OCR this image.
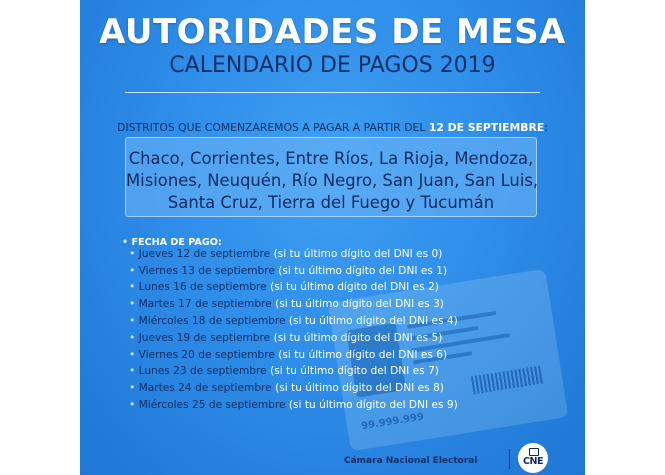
AUTORIDADES DE MESA
CALENDARIO DE PAGOS 2019
DISTRITOS QUE COMENZAREMOS A PAGAR A PARTIR DEL 12 DE SEPTIEMBRE:
Chaco, Corrientes, Entre Ríos, La Rioja, Mendoza,
Misiones, Neuquén, Río Negro, San Juan, San Luis,
Santa Cruz, Tierra del Fuego y Tucumán
99.999.999
• FECHA DE PAGO:
• Jueves 12 de septiembre (si tu último dígito del DNI es 0)
• Viernes 13 de septiembre (si tu último dígito del DNI es 1)
• Lunes 16 de septiembre (si tu último dígito del DNI es 2)
• Martes 17 de septiembre (si tu último dígito del DNI es 3)
• Miércoles 18 de septiembre (si tu último dígito del DNI es 4)
• Jueves 19 de septiembre (si tu último dígito del DNI es 5)
• Viernes 20 de septiembre (si tu último dígito del DNI es 6)
• Lunes 23 de septiembre (si tu último dígito del DNI es 7)
• Martes 24 de septiembre (si tu último dígito del DNI es 8)
• Miércoles 25 de septiembre (si tu último dígito del DNI es 9)
Cámara Nacional Electoral	CNE
